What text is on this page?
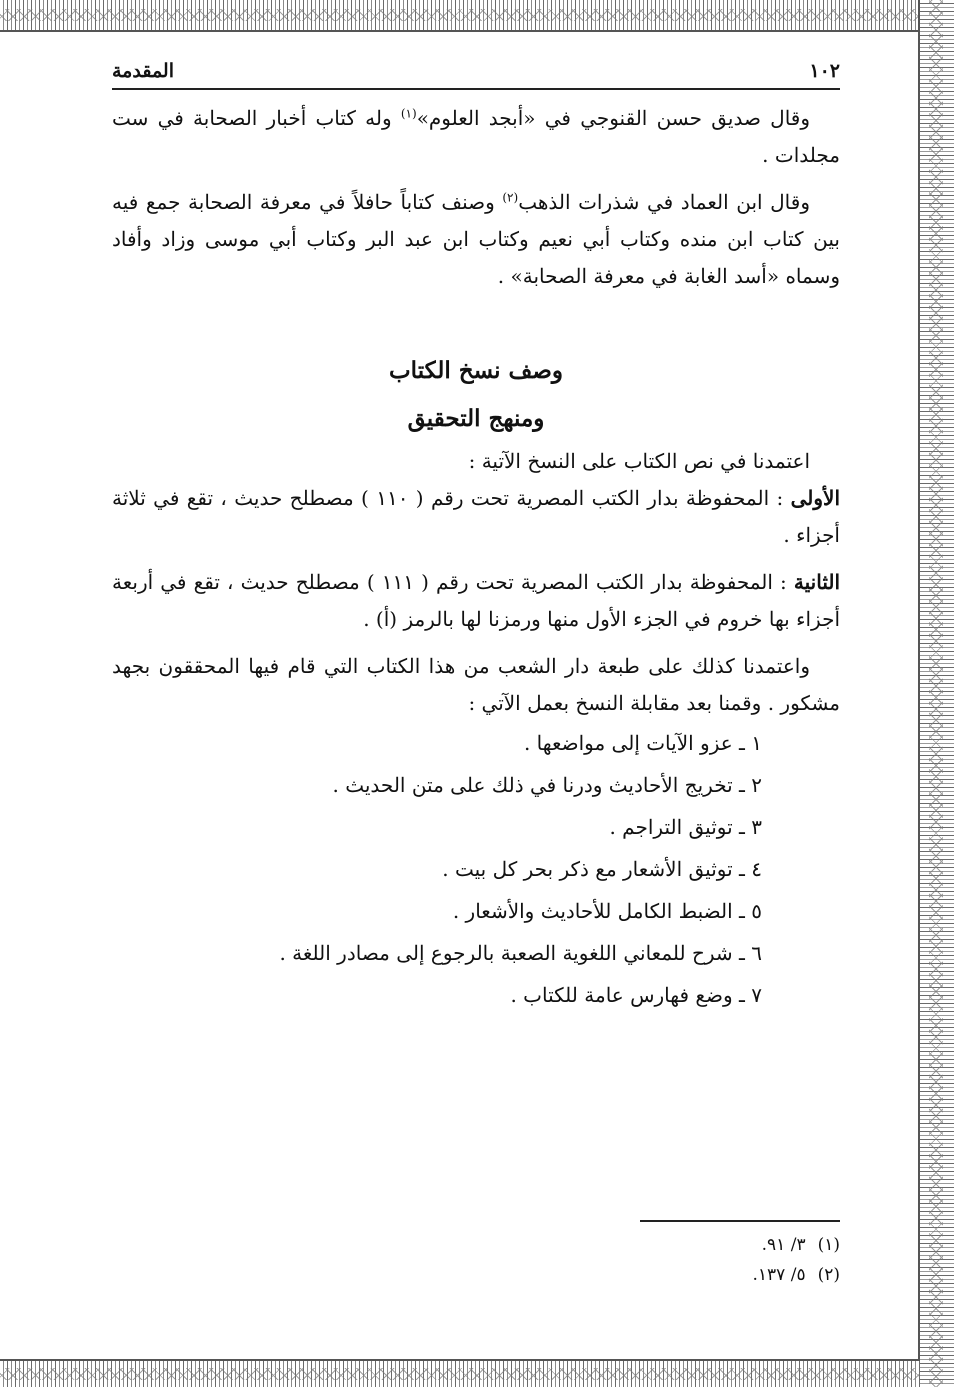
١٠٢
المقدمة

وقال صديق حسن القنوجي في «أبجد العلوم»$^{(١)}$ وله كتاب أخبار الصحابة في ست مجلدات .

وقال ابن العماد في شذرات الذهب$^{(٢)}$ وصنف كتاباً حافلاً في معرفة الصحابة جمع فيه بين كتاب ابن منده وكتاب أبي نعيم وكتاب ابن عبد البر وكتاب أبي موسى وزاد وأفاد وسماه «أسد الغابة في معرفة الصحابة» .

وصف نسخ الكتاب

ومنهج التحقيق

اعتمدنا في نص الكتاب على النسخ الآتية :

الأولى : المحفوظة بدار الكتب المصرية تحت رقم ( ١١٠ ) مصطلح حديث ، تقع في ثلاثة أجزاء .

الثانية : المحفوظة بدار الكتب المصرية تحت رقم ( ١١١ ) مصطلح حديث ، تقع في أربعة أجزاء بها خروم في الجزء الأول منها ورمزنا لها بالرمز (أ) .

واعتمدنا كذلك على طبعة دار الشعب من هذا الكتاب التي قام فيها المحققون بجهد مشكور . وقمنا بعد مقابلة النسخ بعمل الآتي :

١ ـ عزو الآيات إلى مواضعها .
٢ ـ تخريج الأحاديث ودرنا في ذلك على متن الحديث .
٣ ـ توثيق التراجم .
٤ ـ توثيق الأشعار مع ذكر بحر كل بيت .
٥ ـ الضبط الكامل للأحاديث والأشعار .
٦ ـ شرح للمعاني اللغوية الصعبة بالرجوع إلى مصادر اللغة .
٧ ـ وضع فهارس عامة للكتاب .
(١)
٣/ ٩١.
(٢)
٥/ ١٣٧.
